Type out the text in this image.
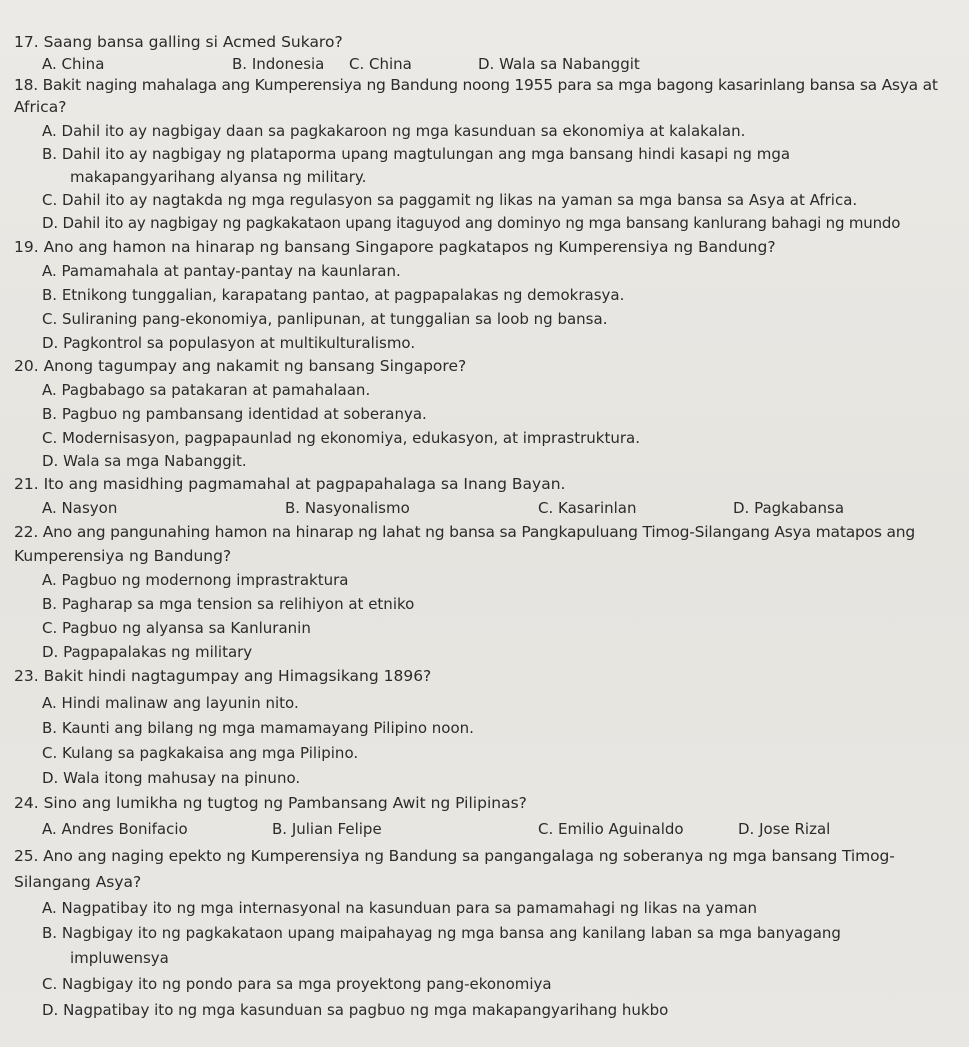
17. Saang bansa galling si Acmed Sukaro?
A. China	B. Indonesia C. China	D. Wala sa Nabanggit
18. Bakit naging mahalaga ang Kumperensiya ng Bandung noong 1955 para sa mga bagong kasarinlang bansa sa Asya at
Africa?
A. Dahil ito ay nagbigay daan sa pagkakaroon ng mga kasunduan sa ekonomiya at kalakalan.
B. Dahil ito ay nagbigay ng plataporma upang magtulungan ang mga bansang hindi kasapi ng mga
makapangyarihang alyansa ng military.
C. Dahil ito ay nagtakda ng mga regulasyon sa paggamit ng likas na yaman sa mga bansa sa Asya at Africa.
D. Dahil ito ay nagbigay ng pagkakataon upang itaguyod ang dominyo ng mga bansang kanlurang bahagi ng mundo
19. Ano ang hamon na hinarap ng bansang Singapore pagkatapos ng Kumperensiya ng Bandung?
A. Pamamahala at pantay-pantay na kaunlaran.
B. Etnikong tunggalian, karapatang pantao, at pagpapalakas ng demokrasya.
C. Suliraning pang-ekonomiya, panlipunan, at tunggalian sa loob ng bansa.
D. Pagkontrol sa populasyon at multikulturalismo.
20. Anong tagumpay ang nakamit ng bansang Singapore?
A. Pagbabago sa patakaran at pamahalaan.
B. Pagbuo ng pambansang identidad at soberanya.
C. Modernisasyon, pagpapaunlad ng ekonomiya, edukasyon, at imprastruktura.
D. Wala sa mga Nabanggit.
21. Ito ang masidhing pagmamahal at pagpapahalaga sa Inang Bayan.
A. Nasyon	B. Nasyonalismo	C. Kasarinlan	D. Pagkabansa
22. Ano ang pangunahing hamon na hinarap ng lahat ng bansa sa Pangkapuluang Timog-Silangang Asya matapos ang
Kumperensiya ng Bandung?
A. Pagbuo ng modernong imprastraktura
B. Pagharap sa mga tension sa relihiyon at etniko
C. Pagbuo ng alyansa sa Kanluranin
D. Pagpapalakas ng military
23. Bakit hindi nagtagumpay ang Himagsikang 1896?
A. Hindi malinaw ang layunin nito.
B. Kaunti ang bilang ng mga mamamayang Pilipino noon.
C. Kulang sa pagkakaisa ang mga Pilipino.
D. Wala itong mahusay na pinuno.
24. Sino ang lumikha ng tugtog ng Pambansang Awit ng Pilipinas?
A. Andres Bonifacio	B. Julian Felipe	C. Emilio Aguinaldo	D. Jose Rizal
25. Ano ang naging epekto ng Kumperensiya ng Bandung sa pangangalaga ng soberanya ng mga bansang Timog-
Silangang Asya?
A. Nagpatibay ito ng mga internasyonal na kasunduan para sa pamamahagi ng likas na yaman
B. Nagbigay ito ng pagkakataon upang maipahayag ng mga bansa ang kanilang laban sa mga banyagang
impluwensya
C. Nagbigay ito ng pondo para sa mga proyektong pang-ekonomiya
D. Nagpatibay ito ng mga kasunduan sa pagbuo ng mga makapangyarihang hukbo
